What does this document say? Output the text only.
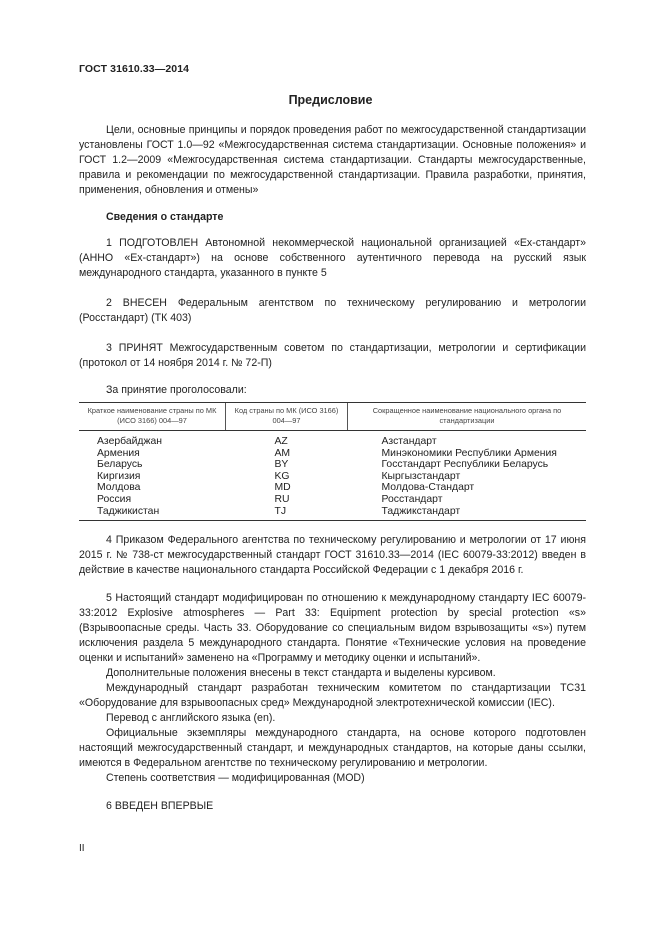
ГОСТ 31610.33—2014
Предисловие
Цели, основные принципы и порядок проведения работ по межгосударственной стандартизации установлены ГОСТ 1.0—92 «Межгосударственная система стандартизации. Основные положения» и ГОСТ 1.2—2009 «Межгосударственная система стандартизации. Стандарты межгосударственные, правила и рекомендации по межгосударственной стандартизации. Правила разработки, принятия, применения, обновления и отмены»
Сведения о стандарте
1 ПОДГОТОВЛЕН Автономной некоммерческой национальной организацией «Ех-стандарт» (АННО «Ех-стандарт») на основе собственного аутентичного перевода на русский язык международного стандарта, указанного в пункте 5
2 ВНЕСЕН Федеральным агентством по техническому регулированию и метрологии (Росстандарт) (ТК 403)
3 ПРИНЯТ Межгосударственным советом по стандартизации, метрологии и сертификации (протокол от 14 ноября 2014 г. № 72-П)
За принятие проголосовали:
Краткое наименование страны по МК (ИСО 3166) 004—97	Код страны по МК (ИСО 3166) 004—97	Сокращенное наименование национального органа по стандартизации
Азербайджан	AZ	Азстандарт
Армения	AM	Минэкономики Республики Армения
Беларусь	BY	Госстандарт Республики Беларусь
Киргизия	KG	Кыргызстандарт
Молдова	MD	Молдова-Стандарт
Россия	RU	Росстандарт
Таджикистан	TJ	Таджикстандарт
4 Приказом Федерального агентства по техническому регулированию и метрологии от 17 июня 2015 г. № 738-ст межгосударственный стандарт ГОСТ 31610.33—2014 (IEC 60079-33:2012) введен в действие в качестве национального стандарта Российской Федерации с 1 декабря 2016 г.
5 Настоящий стандарт модифицирован по отношению к международному стандарту IEC 60079-33:2012 Explosive atmospheres — Part 33: Equipment protection by special protection «s» (Взрывоопасные среды. Часть 33. Оборудование со специальным видом взрывозащиты «s») путем исключения раздела 5 международного стандарта. Понятие «Технические условия на проведение оценки и испытаний» заменено на «Программу и методику оценки и испытаний».
Дополнительные положения внесены в текст стандарта и выделены курсивом.
Международный стандарт разработан техническим комитетом по стандартизации ТС31 «Оборудование для взрывоопасных сред» Международной электротехнической комиссии (IEC).
Перевод с английского языка (en).
Официальные экземпляры международного стандарта, на основе которого подготовлен настоящий межгосударственный стандарт, и международных стандартов, на которые даны ссылки, имеются в Федеральном агентстве по техническому регулированию и метрологии.
Степень соответствия — модифицированная (MOD)
6 ВВЕДЕН ВПЕРВЫЕ
II
